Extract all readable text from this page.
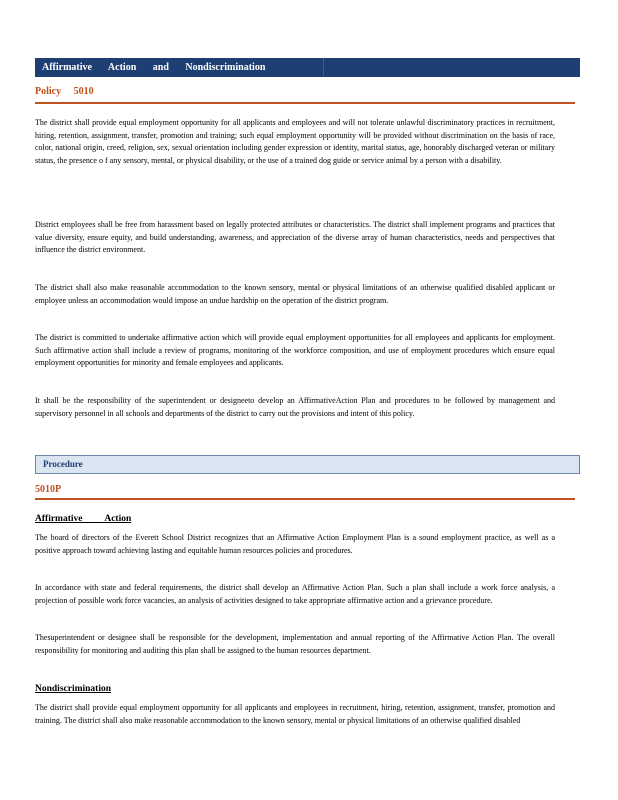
Affirmative Action and Nondiscrimination
Policy 5010
The district shall provide equal employment opportunity for all applicants and employees and will not tolerate unlawful discriminatory practices in recruitment, hiring, retention, assignment, transfer, promotion and training; such equal employment opportunity will be provided without discrimination on the basis of race, color, national origin, creed, religion, sex, sexual orientation including gender expression or identity, marital status, age, honorably discharged veteran or military status, the presence o f any sensory, mental, or physical disability, or the use of a trained dog guide or service animal by a person with a disability.
District employees shall be free from harassment based on legally protected attributes or characteristics. The district shall implement programs and practices that value diversity, ensure equity, and build understanding, awareness, and appreciation of the diverse array of human characteristics, needs and perspectives that influence the district environment.
The district shall also make reasonable accommodation to the known sensory, mental or physical limitations of an otherwise qualified disabled applicant or employee unless an accommodation would impose an undue hardship on the operation of the district program.
The district is committed to undertake affirmative action which will provide equal employment opportunities for all employees and applicants for employment. Such affirmative action shall include a review of programs, monitoring of the workforce composition, and use of employment procedures which ensure equal employment opportunities for minority and female employees and applicants.
It shall be the responsibility of the superintendent or designeeto develop an AffirmativeAction Plan and procedures to be followed by management and supervisory personnel in all schools and departments of the district to carry out the provisions and intent of this policy.
Procedure
5010P
Affirmative Action
The board of directors of the Everett School District recognizes that an Affirmative Action Employment Plan is a sound employment practice, as well as a positive approach toward achieving lasting and equitable human resources policies and procedures.
In accordance with state and federal requirements, the district shall develop an Affirmative Action Plan. Such a plan shall include a work force analysis, a projection of possible work force vacancies, an analysis of activities designed to take appropriate affirmative action and a grievance procedure.
Thesuperintendent or designee shall be responsible for the development, implementation and annual reporting of the Affirmative Action Plan. The overall responsibility for monitoring and auditing this plan shall be assigned to the human resources department.
Nondiscrimination
The district shall provide equal employment opportunity for all applicants and employees in recruitment, hiring, retention, assignment, transfer, promotion and training. The district shall also make reasonable accommodation to the known sensory, mental or physical limitations of an otherwise qualified disabled
